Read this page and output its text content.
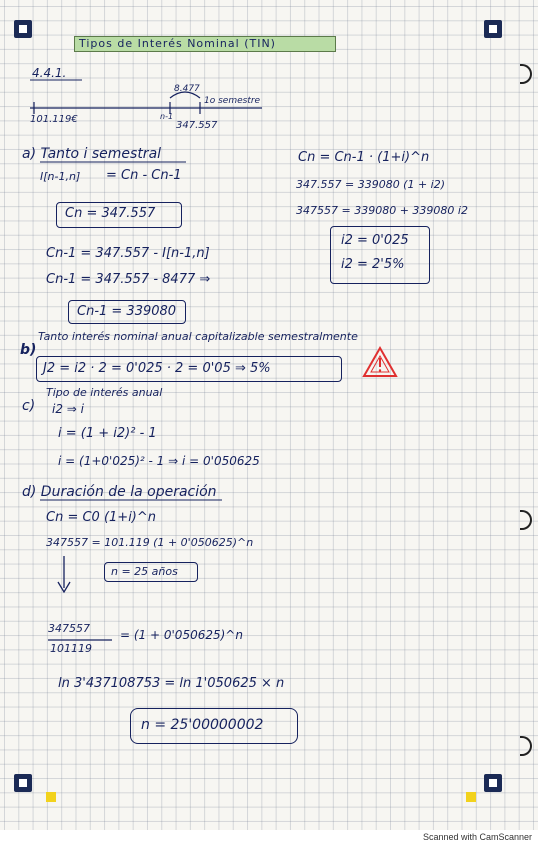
Tipos de Interés Nominal (TIN)
4.4.1.
8.477
1o semestre
101.119€	n-1
347.557
a) Tanto i semestral
I[n-1,n] = Cn - Cn-1
Cn = 347.557
Cn-1 = 347.557 - I[n-1,n]
Cn-1 = 347.557 - 8477 ⇒
Cn-1 = 339080
Cn = Cn-1 · (1+i)^n
347.557 = 339080 (1 + i2)
347557 = 339080 + 339080 i2
i2 = 0'025
i2 = 2'5%
b)
Tanto interés nominal anual capitalizable semestralmente
J2 = i2 · 2 = 0'025 · 2 = 0'05 ⇒ 5%
Tipo de interés anual
c) i2 ⇒ i
i = (1 + i2)² - 1
i = (1+0'025)² - 1 ⇒ i = 0'050625
d) Duración de la operación
Cn = C0 (1+i)^n
347557 = 101.119 (1 + 0'050625)^n
n = 25 años
347557
101119
= (1 + 0'050625)^n
ln 3'437108753 = ln 1'050625 × n
n = 25'00000002
Scanned with CamScanner
